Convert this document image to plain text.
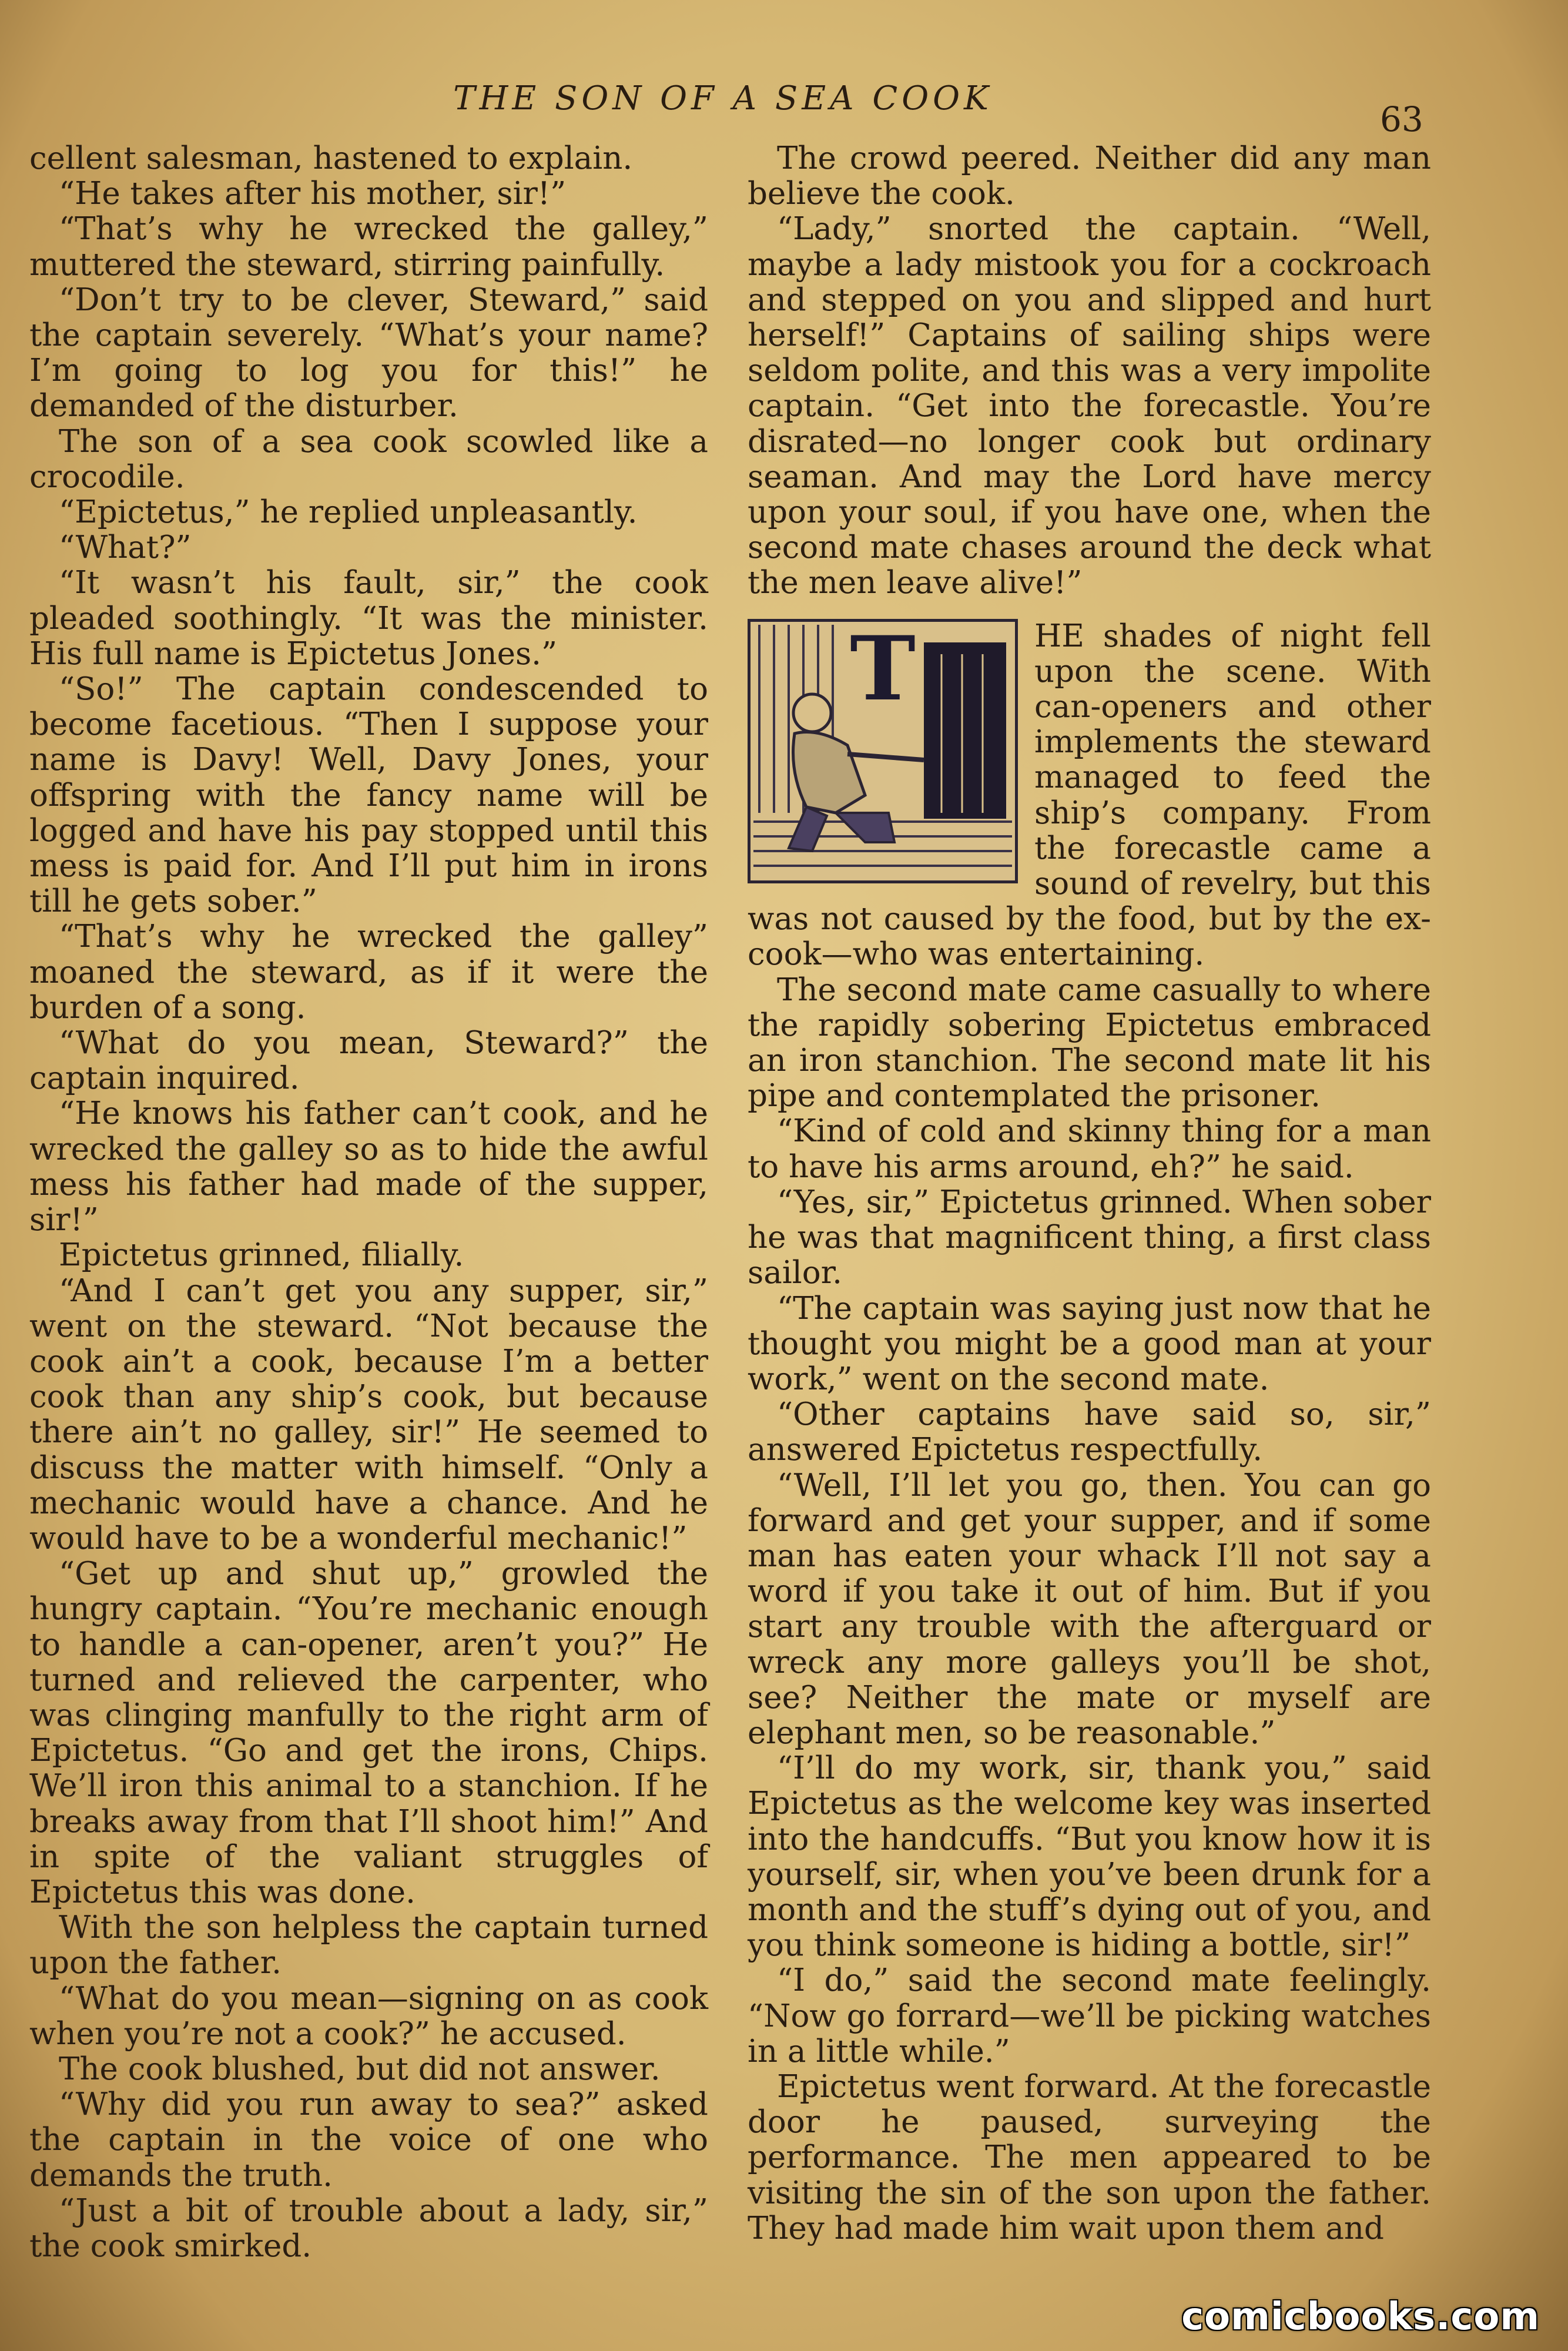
THE SON OF A SEA COOK
63

cellent salesman, hastened to explain.

“He takes after his mother, sir!”

“That’s why he wrecked the galley,” muttered the steward, stirring painfully.

“Don’t try to be clever, Steward,” said the captain severely. “What’s your name? I’m going to log you for this!” he demanded of the disturber.

The son of a sea cook scowled like a crocodile.

“Epictetus,” he replied unpleasantly.

“What?”

“It wasn’t his fault, sir,” the cook pleaded soothingly. “It was the minister. His full name is Epictetus Jones.”

“So!” The captain condescended to become facetious. “Then I suppose your name is Davy! Well, Davy Jones, your offspring with the fancy name will be logged and have his pay stopped until this mess is paid for. And I’ll put him in irons till he gets sober.”

“That’s why he wrecked the galley” moaned the steward, as if it were the burden of a song.

“What do you mean, Steward?” the captain inquired.

“He knows his father can’t cook, and he wrecked the galley so as to hide the awful mess his father had made of the supper, sir!”

Epictetus grinned, filially.

“And I can’t get you any supper, sir,” went on the steward. “Not because the cook ain’t a cook, because I’m a better cook than any ship’s cook, but because there ain’t no galley, sir!” He seemed to discuss the matter with himself. “Only a mechanic would have a chance. And he would have to be a wonderful mechanic!”

“Get up and shut up,” growled the hungry captain. “You’re mechanic enough to handle a can-opener, aren’t you?” He turned and relieved the carpenter, who was clinging manfully to the right arm of Epictetus. “Go and get the irons, Chips. We’ll iron this animal to a stanchion. If he breaks away from that I’ll shoot him!” And in spite of the valiant struggles of Epictetus this was done.

With the son helpless the captain turned upon the father.

“What do you mean—signing on as cook when you’re not a cook?” he accused.

The cook blushed, but did not answer.

“Why did you run away to sea?” asked the captain in the voice of one who demands the truth.

“Just a bit of trouble about a lady, sir,” the cook smirked.

The crowd peered. Neither did any man believe the cook.

“Lady,” snorted the captain. “Well, maybe a lady mistook you for a cockroach and stepped on you and slipped and hurt herself!” Captains of sailing ships were seldom polite, and this was a very impolite captain. “Get into the forecastle. You’re disrated—no longer cook but ordinary seaman. And may the Lord have mercy upon your soul, if you have one, when the second mate chases around the deck what the men leave alive!”

T	HE shades of night fell upon the scene. With can-openers and other implements the steward managed to feed the ship’s company. From the forecastle came a sound of revelry, but this was not caused by the food, but by the ex-cook—who was entertaining.

The second mate came casually to where the rapidly sobering Epictetus embraced an iron stanchion. The second mate lit his pipe and contemplated the prisoner.

“Kind of cold and skinny thing for a man to have his arms around, eh?” he said.

“Yes, sir,” Epictetus grinned. When sober he was that magnificent thing, a first class sailor.

“The captain was saying just now that he thought you might be a good man at your work,” went on the second mate.

“Other captains have said so, sir,” answered Epictetus respectfully.

“Well, I’ll let you go, then. You can go forward and get your supper, and if some man has eaten your whack I’ll not say a word if you take it out of him. But if you start any trouble with the afterguard or wreck any more galleys you’ll be shot, see? Neither the mate or myself are elephant men, so be reasonable.”

“I’ll do my work, sir, thank you,” said Epictetus as the welcome key was inserted into the handcuffs. “But you know how it is yourself, sir, when you’ve been drunk for a month and the stuff’s dying out of you, and you think someone is hiding a bottle, sir!”

“I do,” said the second mate feelingly. “Now go forrard—we’ll be picking watches in a little while.”

Epictetus went forward. At the forecastle door he paused, surveying the performance. The men appeared to be visiting the sin of the son upon the father. They had made him wait upon them and

comicbooks.com
